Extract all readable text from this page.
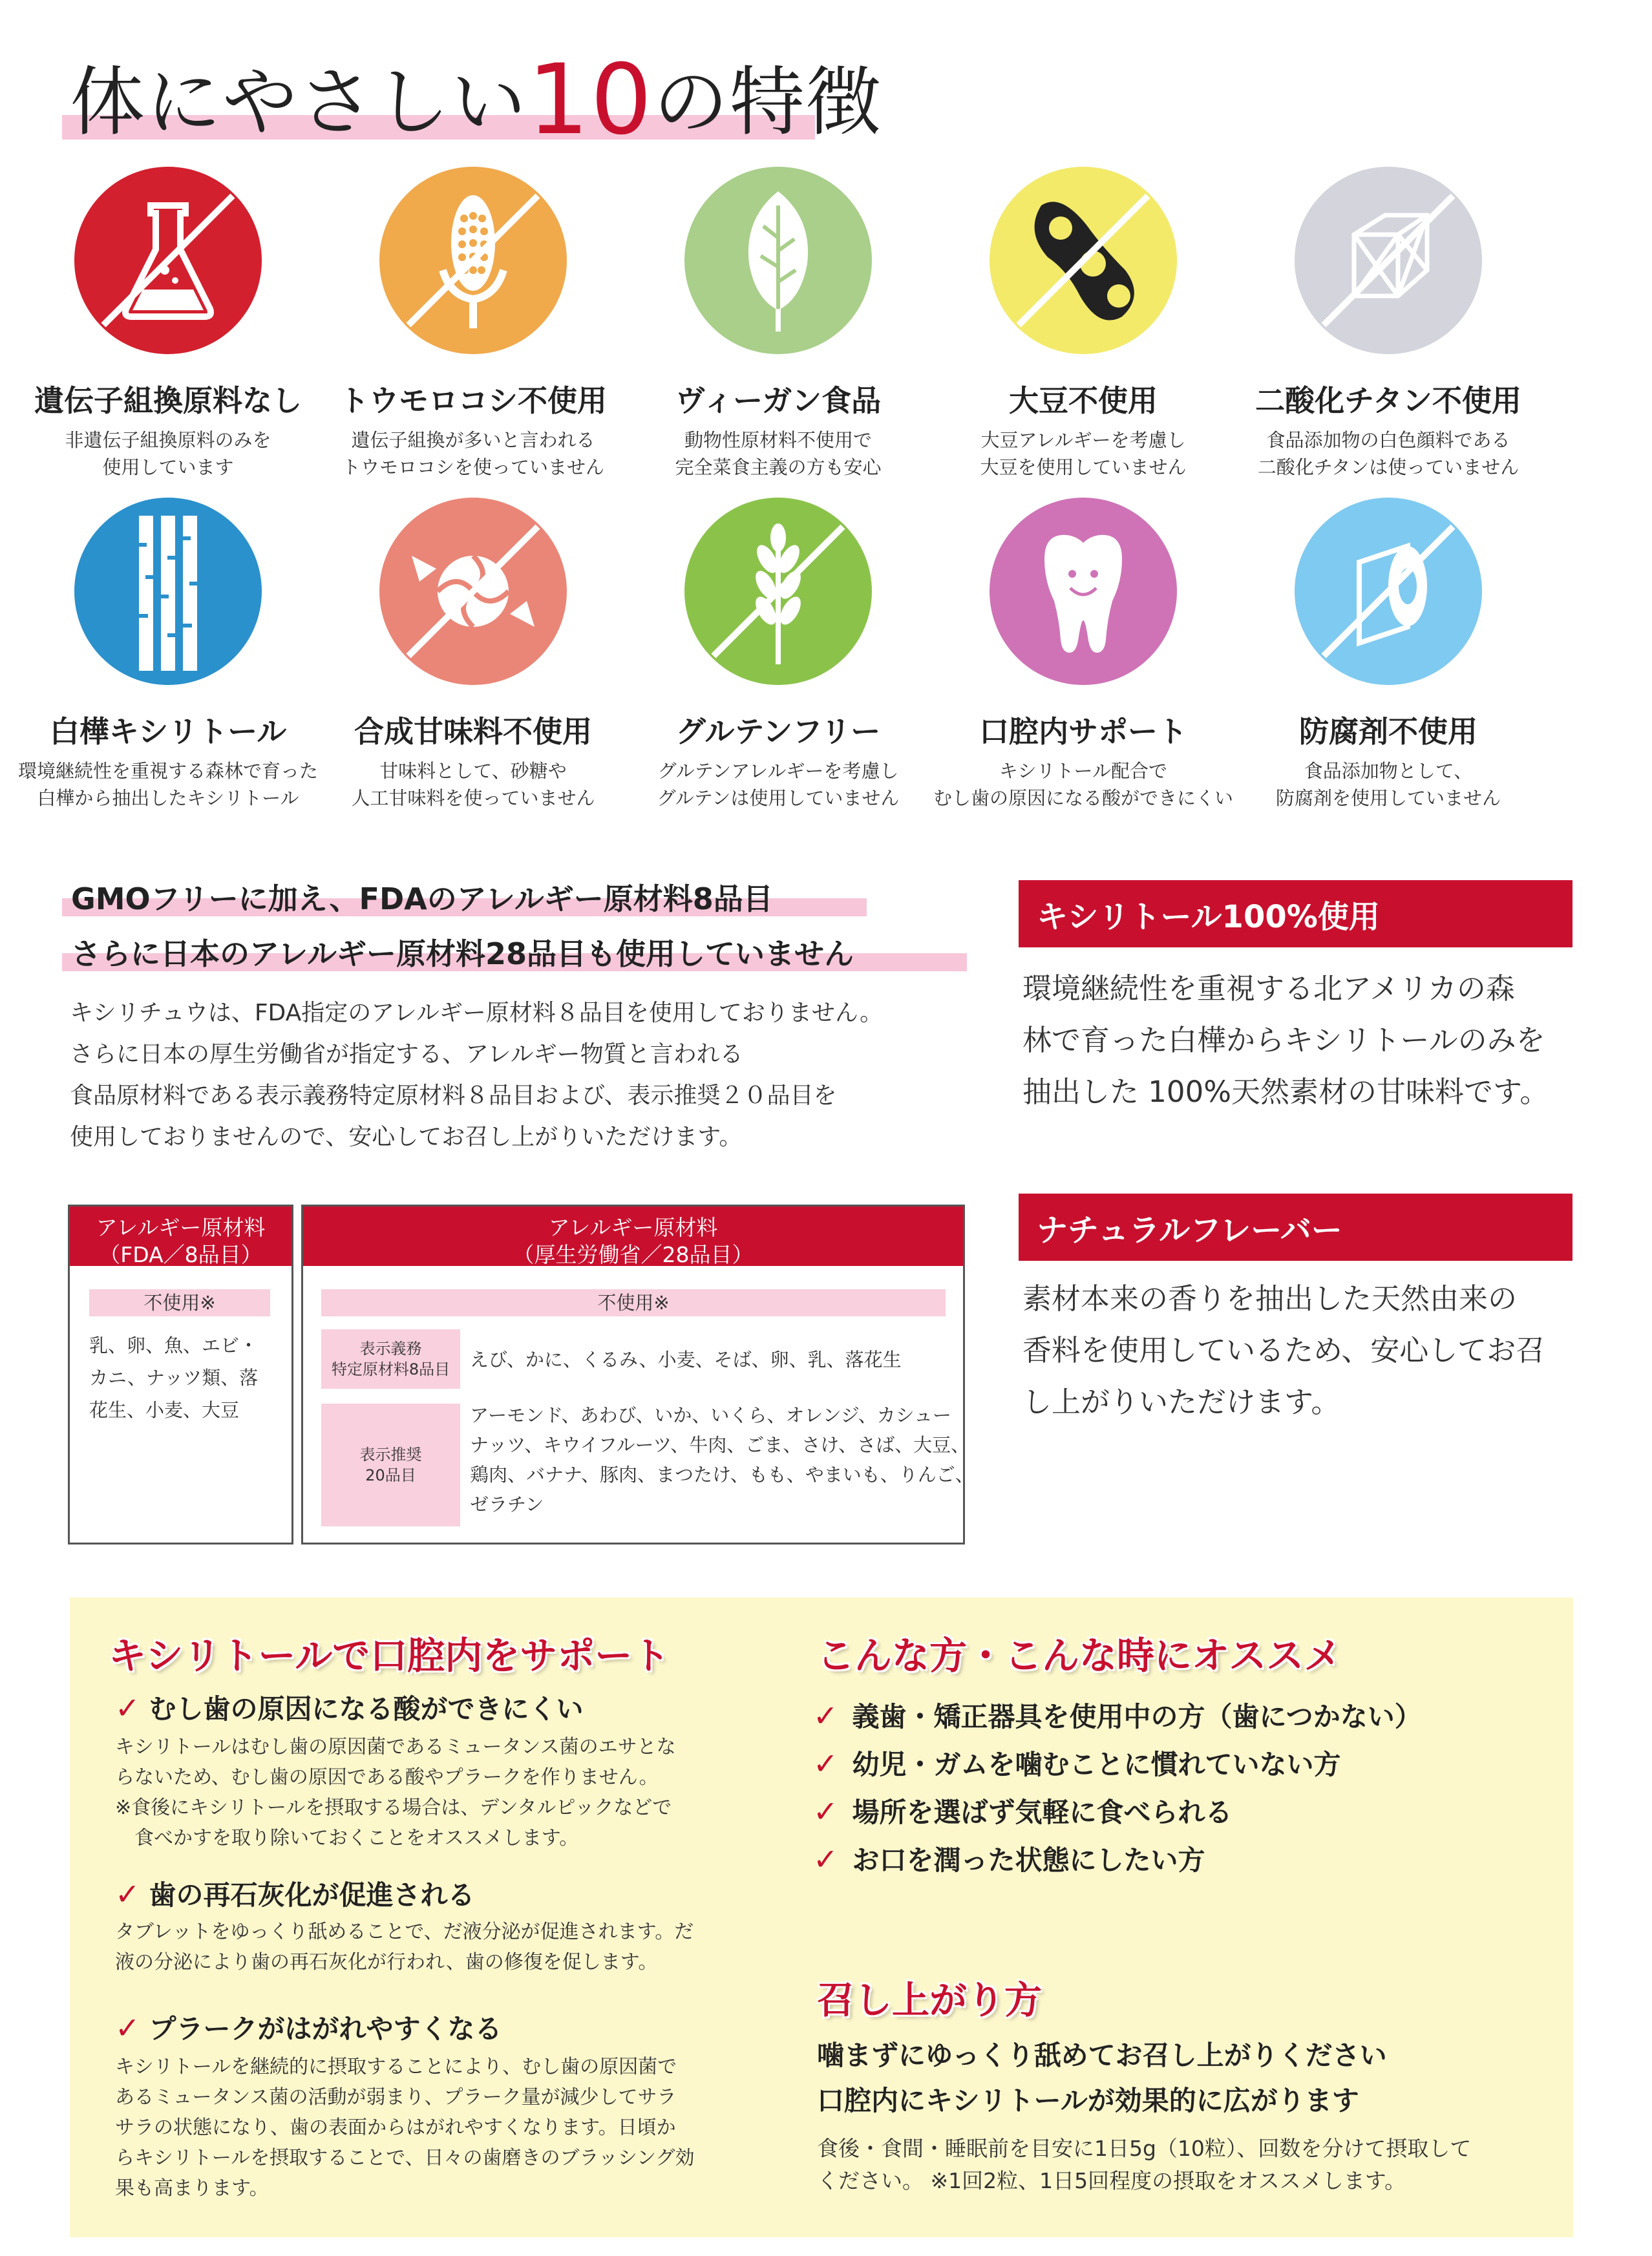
体にやさしい10の特徴
遺伝子組換原料なし
非遺伝子組換原料のみを
使用しています
トウモロコシ不使用
遺伝子組換が多いと言われる
トウモロコシを使っていません
ヴィーガン食品
動物性原材料不使用で
完全菜食主義の方も安心
大豆不使用
大豆アレルギーを考慮し
大豆を使用していません
二酸化チタン不使用
食品添加物の白色顔料である
二酸化チタンは使っていません
白樺キシリトール
環境継続性を重視する森林で育った
白樺から抽出したキシリトール
合成甘味料不使用
甘味料として、砂糖や
人工甘味料を使っていません
グルテンフリー
グルテンアレルギーを考慮し
グルテンは使用していません
口腔内サポート
キシリトール配合で
むし歯の原因になる酸ができにくい
防腐剤不使用
食品添加物として、
防腐剤を使用していません
GMOフリーに加え、FDAのアレルギー原材料8品目
さらに日本のアレルギー原材料28品目も使用していません
キシリチュウは、FDA指定のアレルギー原材料８品目を使用しておりません。
さらに日本の厚生労働省が指定する、アレルギー物質と言われる
食品原材料である表示義務特定原材料８品目および、表示推奨２０品目を
使用しておりませんので、安心してお召し上がりいただけます。
アレルギー原材料
（FDA／8品目）
不使用※
乳、卵、魚、エビ・
カニ、ナッツ類、落
花生、小麦、大豆
アレルギー原材料
（厚生労働省／28品目）
不使用※
表示義務
特定原材料8品目	えび、かに、くるみ、小麦、そば、卵、乳、落花生
表示推奨
20品目
アーモンド、あわび、いか、いくら、オレンジ、カシュー
ナッツ、キウイフルーツ、牛肉、ごま、さけ、さば、大豆、
鶏肉、バナナ、豚肉、まつたけ、もも、やまいも、りんご、
ゼラチン
キシリトール100%使用
環境継続性を重視する北アメリカの森
林で育った白樺からキシリトールのみを
抽出した 100%天然素材の甘味料です。
ナチュラルフレーバー
素材本来の香りを抽出した天然由来の
香料を使用しているため、安心してお召
し上がりいただけます。
キシリトールで口腔内をサポート
✓ むし歯の原因になる酸ができにくい
キシリトールはむし歯の原因菌であるミュータンス菌のエサとな
らないため、むし歯の原因である酸やプラークを作りません。
※食後にキシリトールを摂取する場合は、デンタルピックなどで
　食べかすを取り除いておくことをオススメします。
✓ 歯の再石灰化が促進される
タブレットをゆっくり舐めることで、だ液分泌が促進されます。だ
液の分泌により歯の再石灰化が行われ、歯の修復を促します。
✓ プラークがはがれやすくなる
キシリトールを継続的に摂取することにより、むし歯の原因菌で
あるミュータンス菌の活動が弱まり、プラーク量が減少してサラ
サラの状態になり、歯の表面からはがれやすくなります。日頃か
らキシリトールを摂取することで、日々の歯磨きのブラッシング効
果も高まります。
こんな方・こんな時にオススメ
✓ 義歯・矯正器具を使用中の方（歯につかない）
✓ 幼児・ガムを噛むことに慣れていない方
✓ 場所を選ばず気軽に食べられる
✓ お口を潤った状態にしたい方
召し上がり方
噛まずにゆっくり舐めてお召し上がりください
口腔内にキシリトールが効果的に広がります
食後・食間・睡眠前を目安に1日5g（10粒）、回数を分けて摂取して
ください。 ※1回2粒、1日5回程度の摂取をオススメします。
